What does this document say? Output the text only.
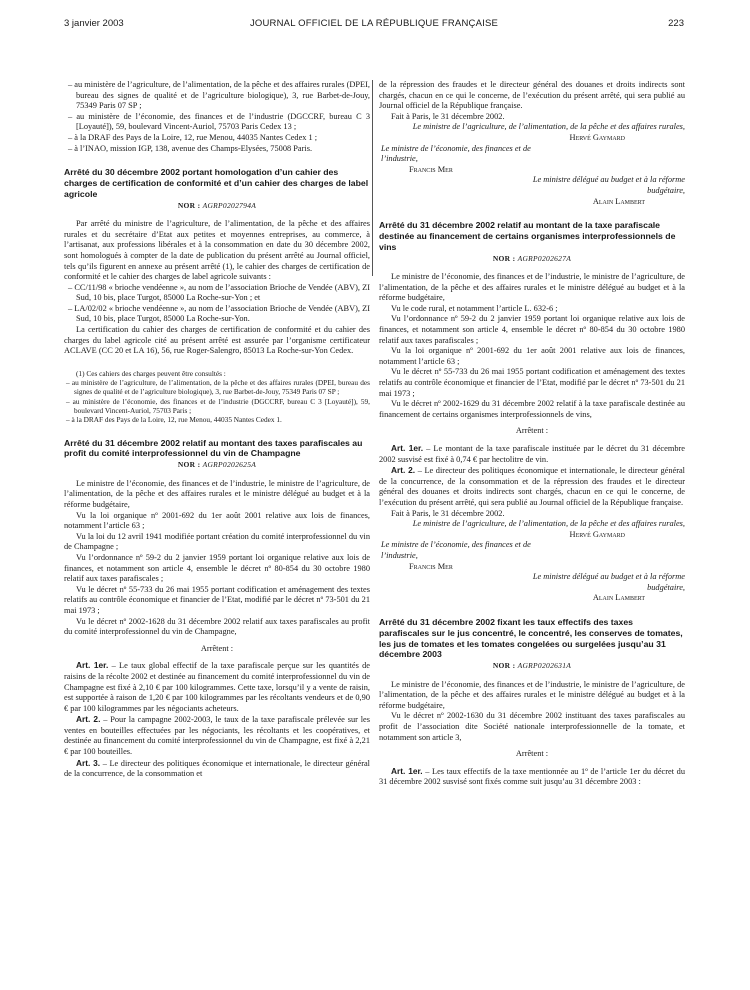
3 janvier 2003	JOURNAL OFFICIEL DE LA RÉPUBLIQUE FRANÇAISE	223

– au ministère de l’agriculture, de l’alimentation, de la pêche et des affaires rurales (DPEI, bureau des signes de qualité et de l’agriculture biologique), 3, rue Barbet-de-Jouy, 75349 Paris 07 SP ;

– au ministère de l’économie, des finances et de l’industrie (DGCCRF, bureau C 3 [Loyauté]), 59, boulevard Vincent-Auriol, 75703 Paris Cedex 13 ;

– à la DRAF des Pays de la Loire, 12, rue Menou, 44035 Nantes Cedex 1 ;

– à l’INAO, mission IGP, 138, avenue des Champs-Elysées, 75008 Paris.

Arrêté du 30 décembre 2002 portant homologation d’un cahier des charges de certification de conformité et d’un cahier des charges de label agricole

NOR : AGRP0202794A

Par arrêté du ministre de l’agriculture, de l’alimentation, de la pêche et des affaires rurales et du secrétaire d’Etat aux petites et moyennes entreprises, au commerce, à l’artisanat, aux professions libérales et à la consommation en date du 30 décembre 2002, sont homologués à compter de la date de publication du présent arrêté au Journal officiel, tels qu’ils figurent en annexe au présent arrêté (1), le cahier des charges de certification de conformité et le cahier des charges de label agricole suivants :

– CC/11/98 « brioche vendéenne », au nom de l’association Brioche de Vendée (ABV), ZI Sud, 10 bis, place Turgot, 85000 La Roche-sur-Yon ; et

– LA/02/02 « brioche vendéenne », au nom de l’association Brioche de Vendée (ABV), ZI Sud, 10 bis, place Turgot, 85000 La Roche-sur-Yon.

La certification du cahier des charges de certification de conformité et du cahier des charges du label agricole cité au présent arrêté est assurée par l’organisme certificateur ACLAVE (CC 20 et LA 16), 56, rue Roger-Salengro, 85013 La Roche-sur-Yon Cedex.

(1) Ces cahiers des charges peuvent être consultés :

– au ministère de l’agriculture, de l’alimentation, de la pêche et des affaires rurales (DPEI, bureau des signes de qualité et de l’agriculture biologique), 3, rue Barbet-de-Jouy, 75349 Paris 07 SP ;

– au ministère de l’économie, des finances et de l’industrie (DGCCRF, bureau C 3 [Loyauté]), 59, boulevard Vincent-Auriol, 75703 Paris ;

– à la DRAF des Pays de la Loire, 12, rue Menou, 44035 Nantes Cedex 1.

Arrêté du 31 décembre 2002 relatif au montant des taxes parafiscales au profit du comité interprofessionnel du vin de Champagne

NOR : AGRP0202625A

Le ministre de l’économie, des finances et de l’industrie, le ministre de l’agriculture, de l’alimentation, de la pêche et des affaires rurales et le ministre délégué au budget et à la réforme budgétaire,

Vu la loi organique nº 2001-692 du 1er août 2001 relative aux lois de finances, notamment l’article 63 ;

Vu la loi du 12 avril 1941 modifiée portant création du comité interprofessionnel du vin de Champagne ;

Vu l’ordonnance nº 59-2 du 2 janvier 1959 portant loi organique relative aux lois de finances, et notamment son article 4, ensemble le décret nº 80-854 du 30 octobre 1980 relatif aux taxes parafiscales ;

Vu le décret nº 55-733 du 26 mai 1955 portant codification et aménagement des textes relatifs au contrôle économique et financier de l’Etat, modifié par le décret nº 73-501 du 21 mai 1973 ;

Vu le décret nº 2002-1628 du 31 décembre 2002 relatif aux taxes parafiscales au profit du comité interprofessionnel du vin de Champagne,

Arrêtent :

Art. 1er. – Le taux global effectif de la taxe parafiscale perçue sur les quantités de raisins de la récolte 2002 et destinée au financement du comité interprofessionnel du vin de Champagne est fixé à 2,10 € par 100 kilogrammes. Cette taxe, lorsqu’il y a vente de raisin, est supportée à raison de 1,20 € par 100 kilogrammes par les récoltants vendeurs et de 0,90 € par 100 kilogrammes par les négociants acheteurs.

Art. 2. – Pour la campagne 2002-2003, le taux de la taxe parafiscale prélevée sur les ventes en bouteilles effectuées par les négociants, les récoltants et les coopératives, et destinée au financement du comité interprofessionnel du vin de Champagne, est fixé à 2,21 € par 100 bouteilles.

Art. 3. – Le directeur des politiques économique et internationale, le directeur général de la concurrence, de la consommation et

de la répression des fraudes et le directeur général des douanes et droits indirects sont chargés, chacun en ce qui le concerne, de l’exécution du présent arrêté, qui sera publié au Journal officiel de la République française.

Fait à Paris, le 31 décembre 2002.

Le ministre de l’agriculture, de l’alimentation, de la pêche et des affaires rurales,

Hervé Gaymard

Le ministre de l’économie, des finances et de l’industrie,

Francis Mer

Le ministre délégué au budget et à la réforme budgétaire,

Alain Lambert

Arrêté du 31 décembre 2002 relatif au montant de la taxe parafiscale destinée au financement de certains organismes interprofessionnels de vins

NOR : AGRP0202627A

Le ministre de l’économie, des finances et de l’industrie, le ministre de l’agriculture, de l’alimentation, de la pêche et des affaires rurales et le ministre délégué au budget et à la réforme budgétaire,

Vu le code rural, et notamment l’article L. 632-6 ;

Vu l’ordonnance nº 59-2 du 2 janvier 1959 portant loi organique relative aux lois de finances, et notamment son article 4, ensemble le décret nº 80-854 du 30 octobre 1980 relatif aux taxes parafiscales ;

Vu la loi organique nº 2001-692 du 1er août 2001 relative aux lois de finances, notamment l’article 63 ;

Vu le décret nº 55-733 du 26 mai 1955 portant codification et aménagement des textes relatifs au contrôle économique et financier de l’Etat, modifié par le décret nº 73-501 du 21 mai 1973 ;

Vu le décret nº 2002-1629 du 31 décembre 2002 relatif à la taxe parafiscale destinée au financement de certains organismes interprofessionnels de vins,

Arrêtent :

Art. 1er. – Le montant de la taxe parafiscale instituée par le décret du 31 décembre 2002 susvisé est fixé à 0,74 € par hectolitre de vin.

Art. 2. – Le directeur des politiques économique et internationale, le directeur général de la concurrence, de la consommation et de la répression des fraudes et le directeur général des douanes et droits indirects sont chargés, chacun en ce qui le concerne, de l’exécution du présent arrêté, qui sera publié au Journal officiel de la République française.

Fait à Paris, le 31 décembre 2002.

Le ministre de l’agriculture, de l’alimentation, de la pêche et des affaires rurales,

Hervé Gaymard

Le ministre de l’économie, des finances et de l’industrie,

Francis Mer

Le ministre délégué au budget et à la réforme budgétaire,

Alain Lambert

Arrêté du 31 décembre 2002 fixant les taux effectifs des taxes parafiscales sur le jus concentré, le concentré, les conserves de tomates, les jus de tomates et les tomates congelées ou surgelées jusqu’au 31 décembre 2003

NOR : AGRP0202631A

Le ministre de l’économie, des finances et de l’industrie, le ministre de l’agriculture, de l’alimentation, de la pêche et des affaires rurales et le ministre délégué au budget et à la réforme budgétaire,

Vu le décret nº 2002-1630 du 31 décembre 2002 instituant des taxes parafiscales au profit de l’association dite Société nationale interprofessionnelle de la tomate, et notamment son article 3,

Arrêtent :

Art. 1er. – Les taux effectifs de la taxe mentionnée au 1º de l’article 1er du décret du 31 décembre 2002 susvisé sont fixés comme suit jusqu’au 31 décembre 2003 :
